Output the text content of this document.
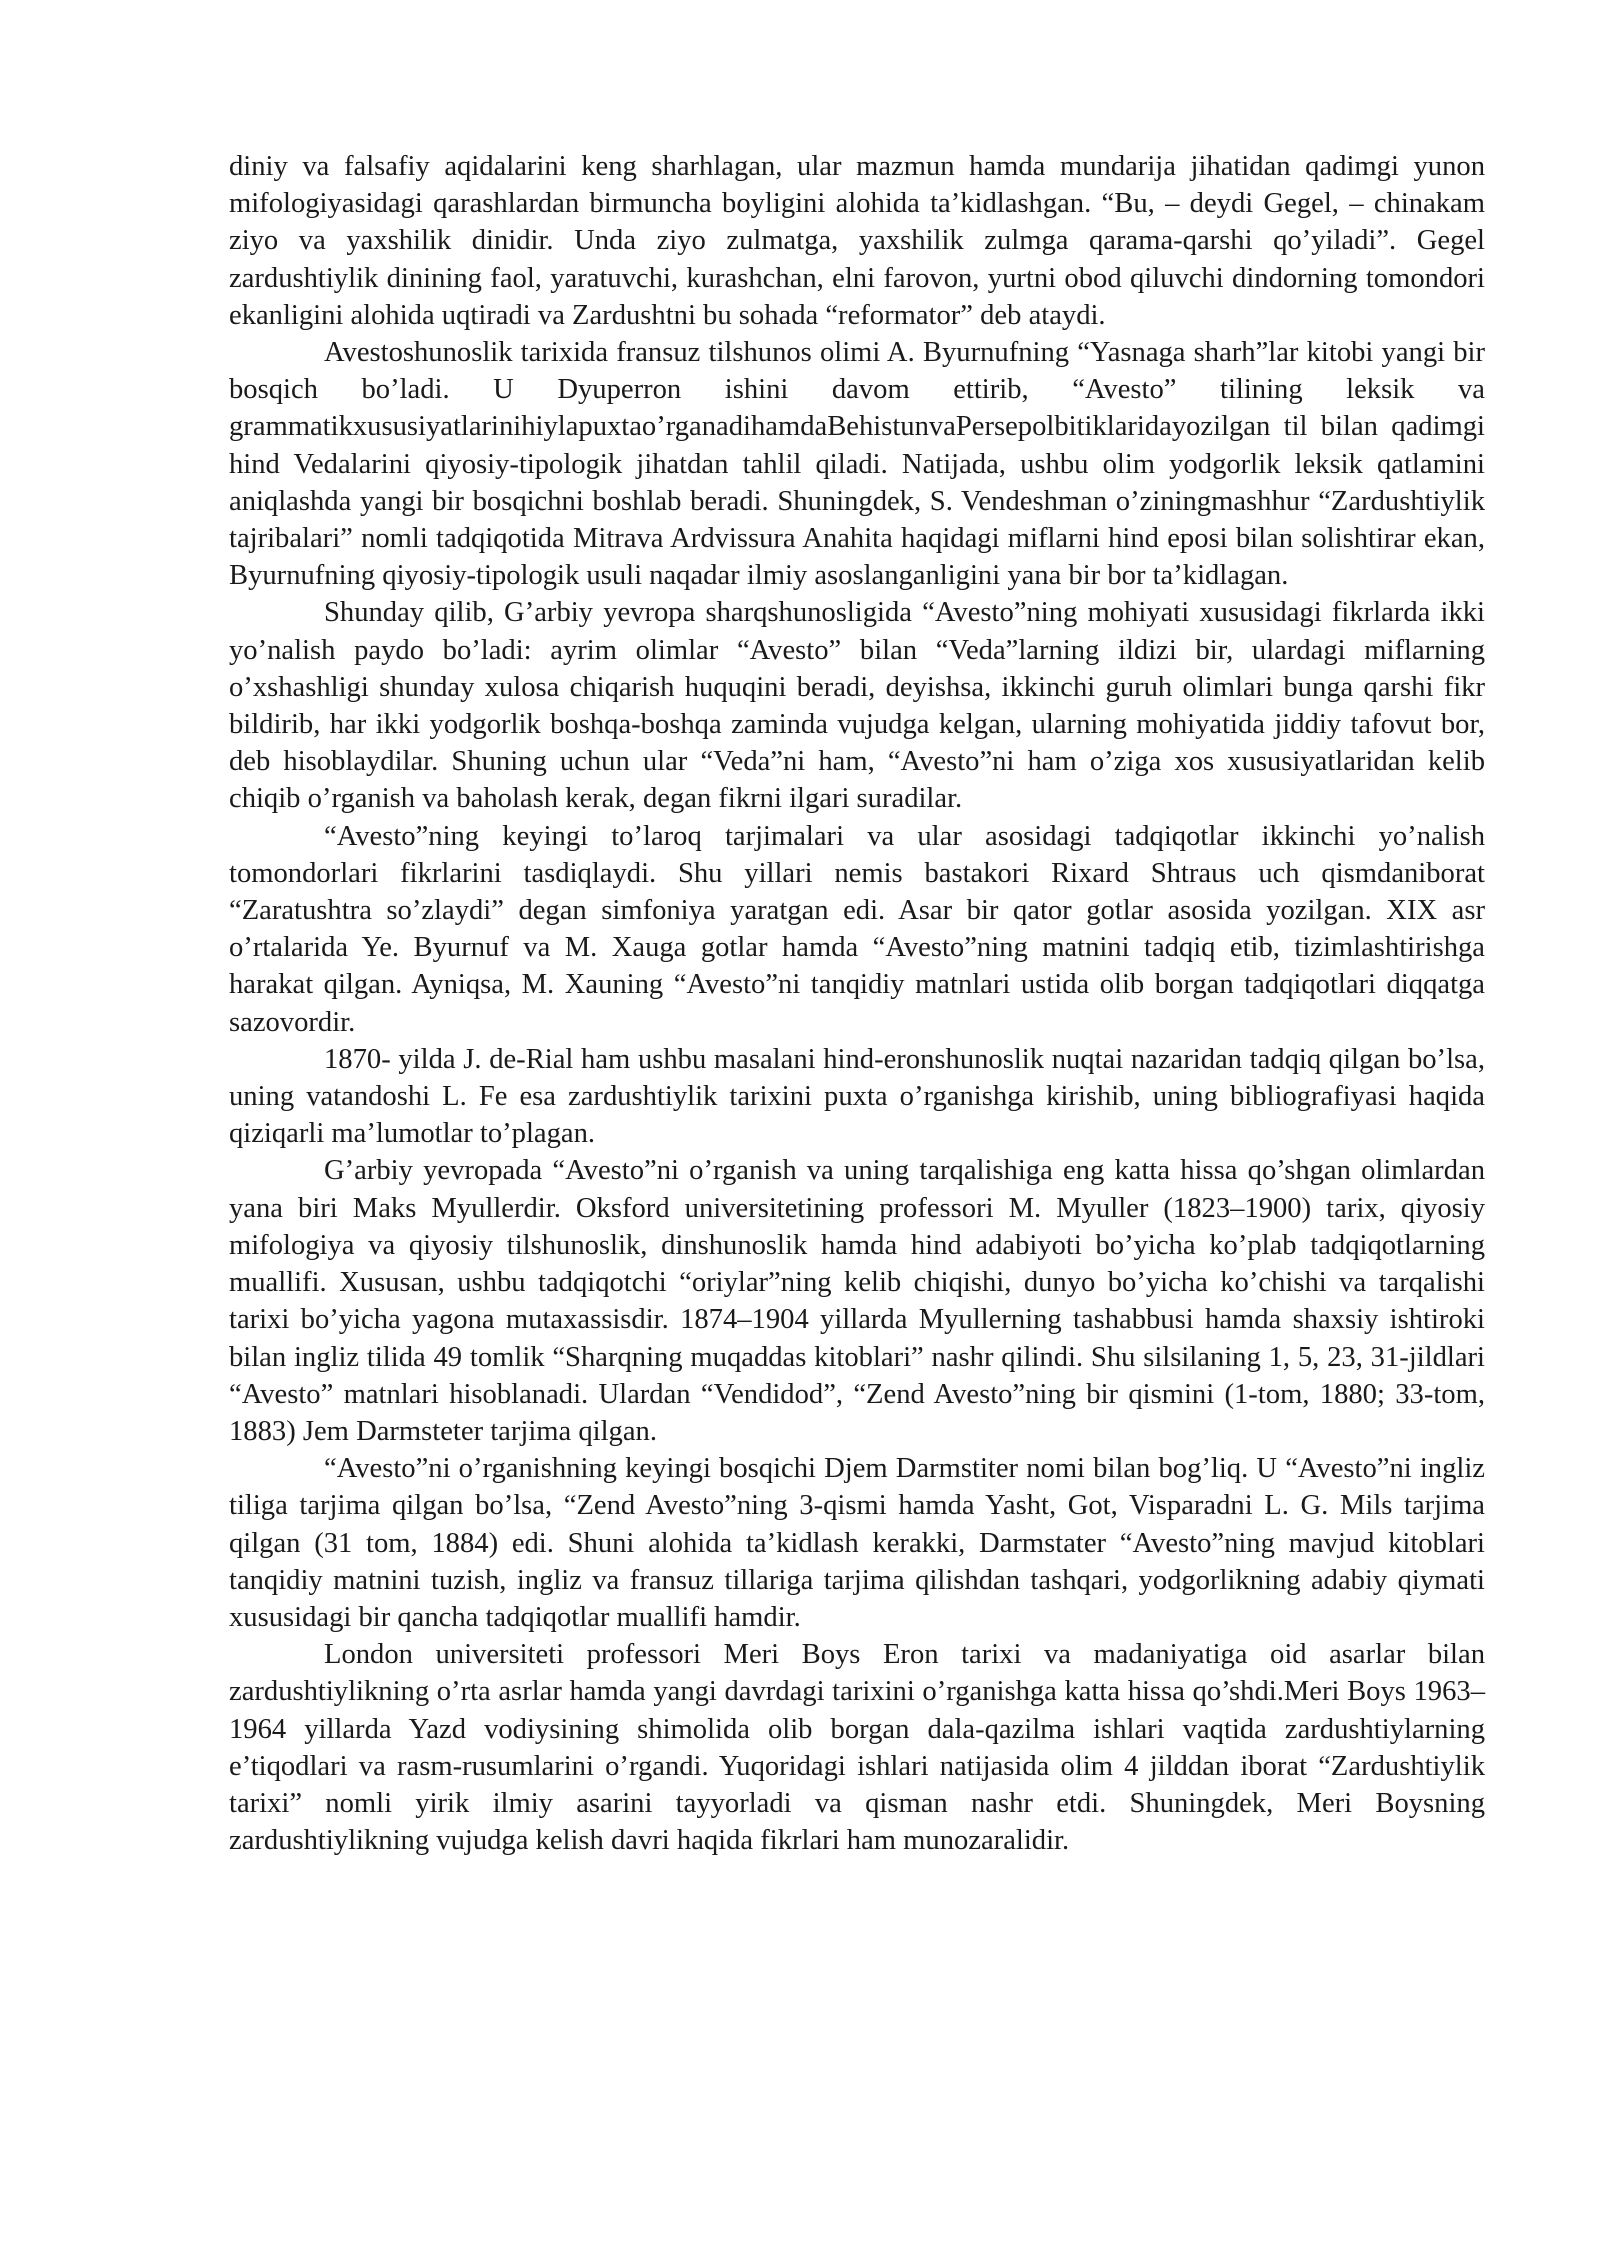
diniy va falsafiy aqidalarini keng sharhlagan, ular mazmun hamda mundarija jihatidan qadimgi yunon mifologiyasidagi qarashlardan birmuncha boyligini alohida ta’kidlashgan. “Bu, – deydi Gegel, – chinakam ziyo va yaxshilik dinidir. Unda ziyo zulmatga, yaxshilik zulmga qarama-qarshi qo’yiladi”. Gegel zardushtiylik dinining faol, yaratuvchi, kurashchan, elni farovon, yurtni obod qiluvchi dindorning tomondori ekanligini alohida uqtiradi va Zardushtni bu sohada “reformator” deb ataydi.

Avestoshunoslik tarixida fransuz tilshunos olimi A. Byurnufning “Yasnaga sharh”lar kitobi yangi bir bosqich bo’ladi. U Dyuperron ishini davom ettirib, “Avesto” tilining leksik va grammatikxususiyatlarinihiylapuxtao’rganadihamdaBehistunvaPersepolbitiklaridayozilgan til bilan qadimgi hind Vedalarini qiyosiy-tipologik jihatdan tahlil qiladi. Natijada, ushbu olim yodgorlik leksik qatlamini aniqlashda yangi bir bosqichni boshlab beradi. Shuningdek, S. Vendeshman o’ziningmashhur “Zardushtiylik tajribalari” nomli tadqiqotida Mitrava Ardvissura Anahita haqidagi miflarni hind eposi bilan solishtirar ekan, Byurnufning qiyosiy-tipologik usuli naqadar ilmiy asoslanganligini yana bir bor ta’kidlagan.

Shunday qilib, G’arbiy yevropa sharqshunosligida “Avesto”ning mohiyati xususidagi fikrlarda ikki yo’nalish paydo bo’ladi: ayrim olimlar “Avesto” bilan “Veda”larning ildizi bir, ulardagi miflarning o’xshashligi shunday xulosa chiqarish huquqini beradi, deyishsa, ikkinchi guruh olimlari bunga qarshi fikr bildirib, har ikki yodgorlik boshqa-boshqa zaminda vujudga kelgan, ularning mohiyatida jiddiy tafovut bor, deb hisoblaydilar. Shuning uchun ular “Veda”ni ham, “Avesto”ni ham o’ziga xos xususiyatlaridan kelib chiqib o’rganish va baholash kerak, degan fikrni ilgari suradilar.

“Avesto”ning keyingi to’laroq tarjimalari va ular asosidagi tadqiqotlar ikkinchi yo’nalish tomondorlari fikrlarini tasdiqlaydi. Shu yillari nemis bastakori Rixard Shtraus uch qismdaniborat “Zaratushtra so’zlaydi” degan simfoniya yaratgan edi. Asar bir qator gotlar asosida yozilgan. XIX asr o’rtalarida Ye. Byurnuf va M. Xauga gotlar hamda “Avesto”ning matnini tadqiq etib, tizimlashtirishga harakat qilgan. Ayniqsa, M. Xauning “Avesto”ni tanqidiy matnlari ustida olib borgan tadqiqotlari diqqatga sazovordir.

1870- yilda J. de-Rial ham ushbu masalani hind-eronshunoslik nuqtai nazaridan tadqiq qilgan bo’lsa, uning vatandoshi L. Fe esa zardushtiylik tarixini puxta o’rganishga kirishib, uning bibliografiyasi haqida qiziqarli ma’lumotlar to’plagan.

G’arbiy yevropada “Avesto”ni o’rganish va uning tarqalishiga eng katta hissa qo’shgan olimlardan yana biri Maks Myullerdir. Oksford universitetining professori M. Myuller (1823–1900) tarix, qiyosiy mifologiya va qiyosiy tilshunoslik, dinshunoslik hamda hind adabiyoti bo’yicha ko’plab tadqiqotlarning muallifi. Xususan, ushbu tadqiqotchi “oriylar”ning kelib chiqishi, dunyo bo’yicha ko’chishi va tarqalishi tarixi bo’yicha yagona mutaxassisdir. 1874–1904 yillarda Myullerning tashabbusi hamda shaxsiy ishtiroki bilan ingliz tilida 49 tomlik “Sharqning muqaddas kitoblari” nashr qilindi. Shu silsilaning 1, 5, 23, 31-jildlari “Avesto” matnlari hisoblanadi. Ulardan “Vendidod”, “Zend Avesto”ning bir qismini (1-tom, 1880; 33-tom, 1883) Jem Darmsteter tarjima qilgan.

“Avesto”ni o’rganishning keyingi bosqichi Djem Darmstiter nomi bilan bog’liq. U “Avesto”ni ingliz tiliga tarjima qilgan bo’lsa, “Zend Avesto”ning 3-qismi hamda Yasht, Got, Visparadni L. G. Mils tarjima qilgan (31 tom, 1884) edi. Shuni alohida ta’kidlash kerakki, Darmstater “Avesto”ning mavjud kitoblari tanqidiy matnini tuzish, ingliz va fransuz tillariga tarjima qilishdan tashqari, yodgorlikning adabiy qiymati xususidagi bir qancha tadqiqotlar muallifi hamdir.

London universiteti professori Meri Boys Eron tarixi va madaniyatiga oid asarlar bilan zardushtiylikning o’rta asrlar hamda yangi davrdagi tarixini o’rganishga katta hissa qo’shdi.Meri Boys 1963–1964 yillarda Yazd vodiysining shimolida olib borgan dala-qazilma ishlari vaqtida zardushtiylarning e’tiqodlari va rasm-rusumlarini o’rgandi. Yuqoridagi ishlari natijasida olim 4 jilddan iborat “Zardushtiylik tarixi” nomli yirik ilmiy asarini tayyorladi va qisman nashr etdi. Shuningdek, Meri Boysning zardushtiylikning vujudga kelish davri haqida fikrlari ham munozaralidir.
